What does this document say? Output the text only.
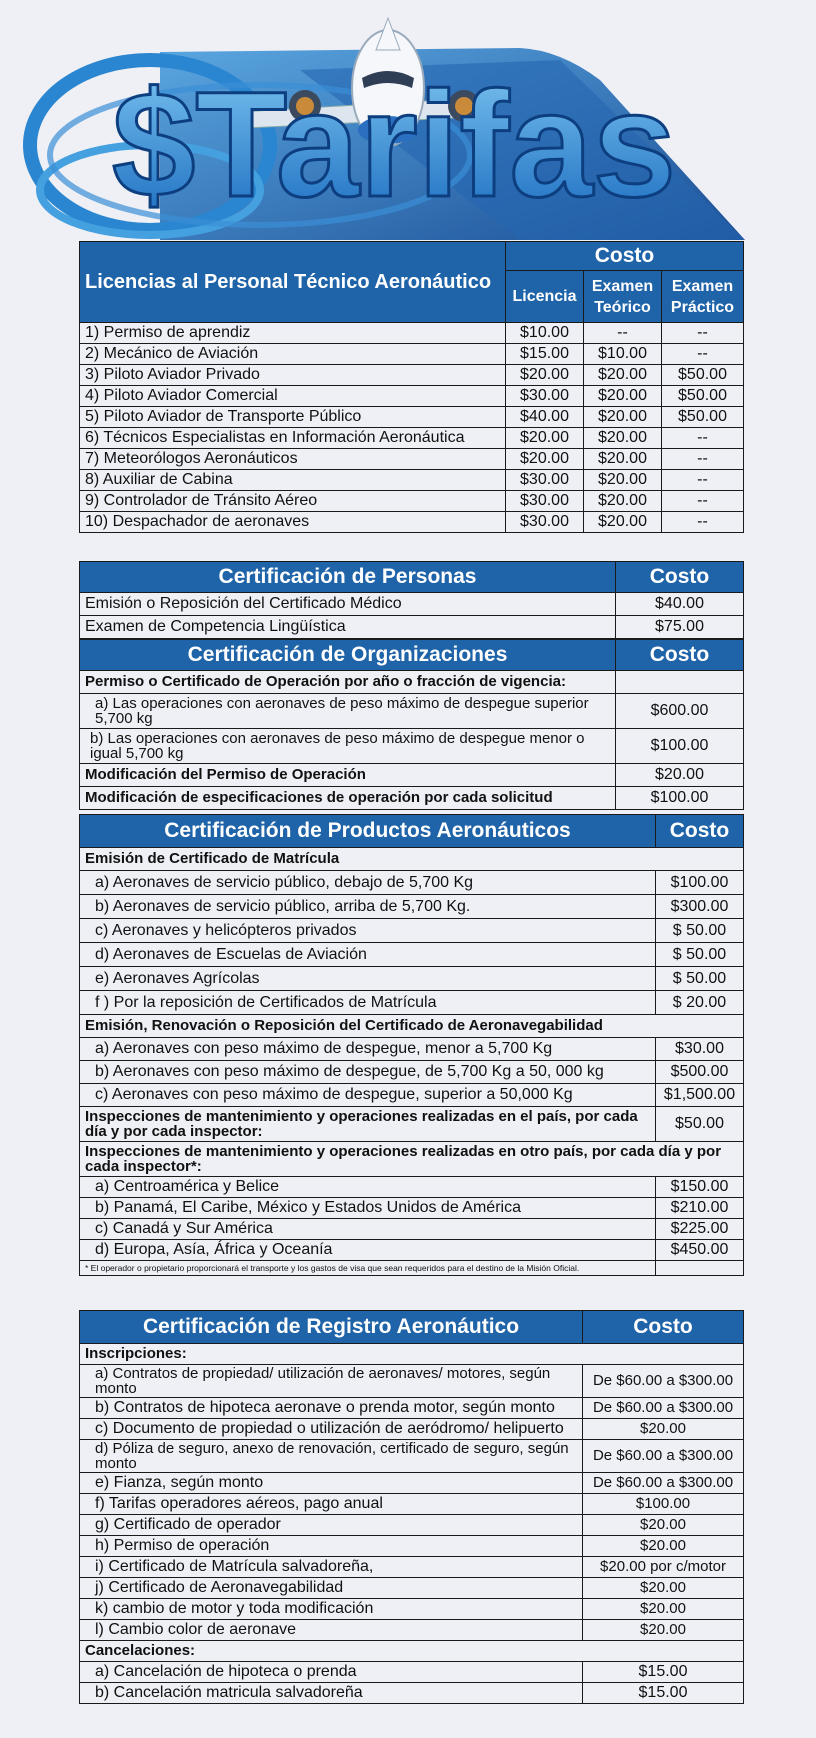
$Tarifas
Licencias al Personal Técnico Aeronáutico	Costo		
	Licencia	Examen Teórico	Examen Práctico
1) Permiso de aprendiz	$10.00	--	--
2) Mecánico de Aviación	$15.00	$10.00	--
3) Piloto Aviador Privado	$20.00	$20.00	$50.00
4) Piloto Aviador Comercial	$30.00	$20.00	$50.00
5) Piloto Aviador de Transporte Público	$40.00	$20.00	$50.00
6) Técnicos Especialistas en Información Aeronáutica	$20.00	$20.00	--
7) Meteorólogos Aeronáuticos	$20.00	$20.00	--
8) Auxiliar de Cabina	$30.00	$20.00	--
9) Controlador de Tránsito Aéreo	$30.00	$20.00	--
10) Despachador de aeronaves	$30.00	$20.00	--
Certificación de Personas	Costo
Emisión o Reposición del Certificado Médico	$40.00
Examen de Competencia Lingüística	$75.00
Certificación de Organizaciones	Costo
Permiso o Certificado de Operación por año o fracción de vigencia:	
a) Las operaciones con aeronaves de peso máximo de despegue superior 5,700 kg	$600.00
b) Las operaciones con aeronaves de peso máximo de despegue menor o igual 5,700 kg	$100.00
Modificación del Permiso de Operación	$20.00
Modificación de especificaciones de operación por cada solicitud	$100.00
Certificación de Productos Aeronáuticos	Costo
Emisión de Certificado de Matrícula	
a) Aeronaves de servicio público, debajo de 5,700 Kg	$100.00
b) Aeronaves de servicio público, arriba de 5,700 Kg.	$300.00
c) Aeronaves y helicópteros privados	$ 50.00
d) Aeronaves de Escuelas de Aviación	$ 50.00
e) Aeronaves Agrícolas	$ 50.00
f ) Por la reposición de Certificados de Matrícula	$ 20.00
Emisión, Renovación o Reposición del Certificado de Aeronavegabilidad	
a) Aeronaves con peso máximo de despegue, menor a 5,700 Kg	$30.00
b) Aeronaves con peso máximo de despegue, de 5,700 Kg a 50, 000 kg	$500.00
c) Aeronaves con peso máximo de despegue, superior a 50,000 Kg	$1,500.00
Inspecciones de mantenimiento y operaciones realizadas en el país, por cada día y por cada inspector:	$50.00
Inspecciones de mantenimiento y operaciones realizadas en otro país, por cada día y por cada inspector*:	
a) Centroamérica y Belice	$150.00
b) Panamá, El Caribe, México y Estados Unidos de América	$210.00
c) Canadá y Sur América	$225.00
d) Europa, Asía, África y Oceanía	$450.00
* El operador o propietario proporcionará el transporte y los gastos de visa que sean requeridos para el destino de la Misión Oficial.	
Certificación de Registro Aeronáutico	Costo
Inscripciones:	
a) Contratos de propiedad/ utilización de aeronaves/ motores, según monto	De $60.00 a $300.00
b) Contratos de hipoteca aeronave o prenda motor, según monto	De $60.00 a $300.00
c) Documento de propiedad o utilización de aeródromo/ helipuerto	$20.00
d) Póliza de seguro, anexo de renovación, certificado de seguro, según monto	De $60.00 a $300.00
e) Fianza, según monto	De $60.00 a $300.00
f) Tarifas operadores aéreos, pago anual	$100.00
g) Certificado de operador	$20.00
h) Permiso de operación	$20.00
i) Certificado de Matrícula salvadoreña,	$20.00 por c/motor
j) Certificado de Aeronavegabilidad	$20.00
k) cambio de motor y toda modificación	$20.00
l) Cambio color de aeronave	$20.00
Cancelaciones:	
a) Cancelación de hipoteca o prenda	$15.00
b) Cancelación matricula salvadoreña	$15.00
